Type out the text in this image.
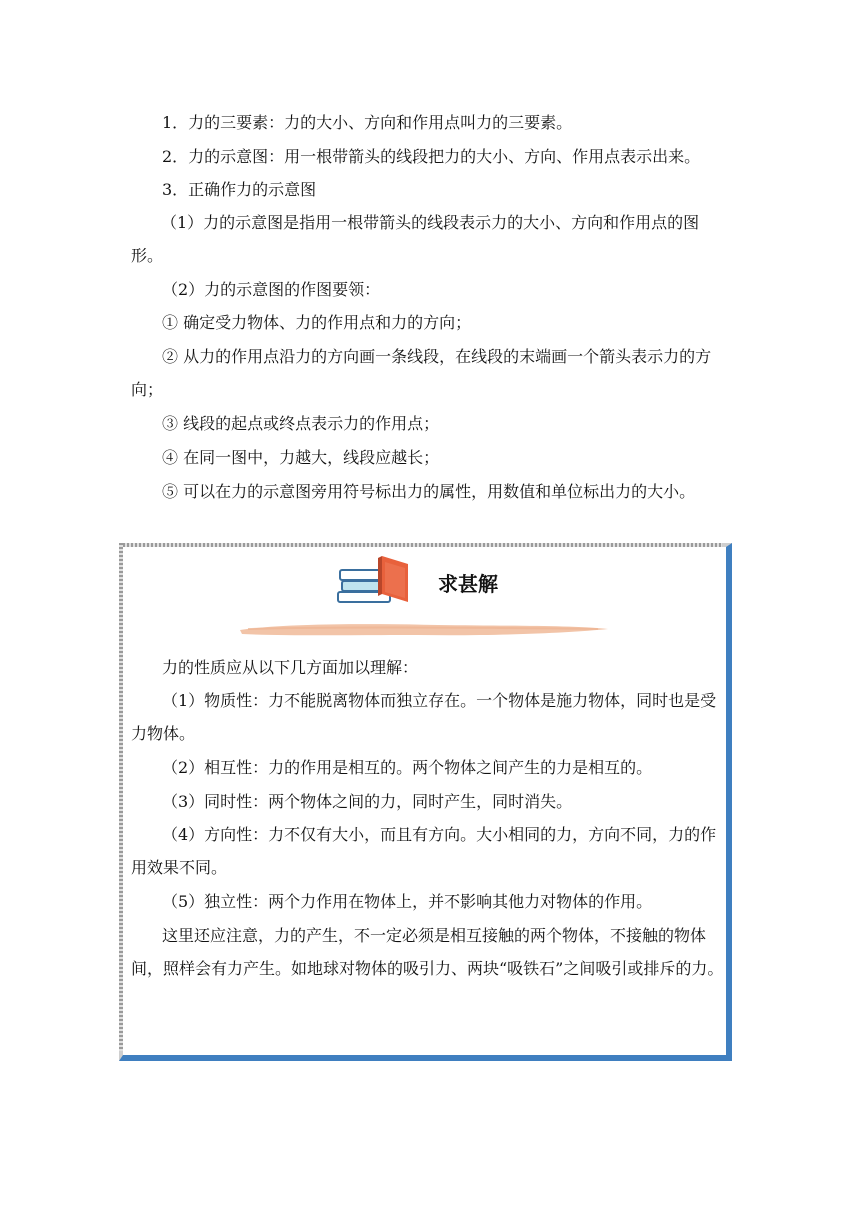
1．力的三要素：力的大小、方向和作用点叫力的三要素。

2．力的示意图：用一根带箭头的线段把力的大小、方向、作用点表示出来。

3．正确作力的示意图

（1）力的示意图是指用一根带箭头的线段表示力的大小、方向和作用点的图形。

（2）力的示意图的作图要领：

① 确定受力物体、力的作用点和力的方向；

② 从力的作用点沿力的方向画一条线段，在线段的末端画一个箭头表示力的方向；

③ 线段的起点或终点表示力的作用点；

④ 在同一图中，力越大，线段应越长；

⑤ 可以在力的示意图旁用符号标出力的属性，用数值和单位标出力的大小。

求甚解

力的性质应从以下几方面加以理解：

（1）物质性：力不能脱离物体而独立存在。一个物体是施力物体，同时也是受力物体。

（2）相互性：力的作用是相互的。两个物体之间产生的力是相互的。

（3）同时性：两个物体之间的力，同时产生，同时消失。

（4）方向性：力不仅有大小，而且有方向。大小相同的力，方向不同，力的作用效果不同。

（5）独立性：两个力作用在物体上，并不影响其他力对物体的作用。

这里还应注意，力的产生，不一定必须是相互接触的两个物体，不接触的物体间，照样会有力产生。如地球对物体的吸引力、两块“吸铁石”之间吸引或排斥的力。
